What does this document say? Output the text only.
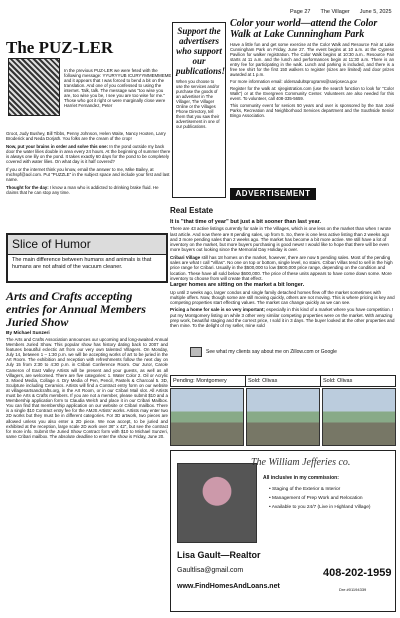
Page 27 The Villager June 5, 2025
The PUZ-LER
In the previous PUZ-LER we were feted with the following message: YYURYYUB ICURYYMMEMMEME and it appears that I was forced to bend a bit on the translation. And one of you confessed to using the internet. Talk, talk. The message was "too wise you are, too wise you be, I see you are too wise for me." Those who got it right or were marginally close were Harriet Fernandez, Peter

Groot, Judy Bushey, Bill Tibbs, Penny Johnson, Helen Waite, Nancy Hooten, Larry Broderick and Neda Dorjath. You folks are the cream of the crop!

Now, put your brains in order and solve this one: In the pond outside my back door the water lilies double in area every 24 hours. At the beginning of summer there is always one lily on the pond. It takes exactly 60 days for the pond to be completely covered with water lilies. On what day is it half covered?

If you or the internet think you know, email the answer to me, Mike Bailey, at michspf@aol.com. Put "PUZZLE" in the subject space and include your first and last name.

Thought for the day: I know a man who is addicted to drinking brake fluid. He claims that he can stop any time.

Slice of Humor
The main difference between humans and animals is that humans are not afraid of the vacuum cleaner.
Arts and Crafts accepting entries for Annual Members Juried Show
By Michael Sunzeri
The Arts and Crafts Association announces our upcoming and long-awaited Annual Members Juried Show. This popular show has history dating back to 2007 and features beautiful eclectic art from our very own talented Villagers. On Monday, July 14, between 1 – 1:30 p.m. we will be accepting works of art to be juried in the Art Room. The exhibition and reception with refreshments follow the next day on July 15 from 2:30 to 4:30 p.m. in Cribari Conference Room. Our Juror, Carole Cameron of East Valley Artists will be present and your guests, as well as all Villagers, are welcomed. There are five categories: 1. Water Color 2. Oil or Acrylic 3. Mixed Media, Collage 4. Dry Media of Pen, Pencil, Pastels & Charcoal 5. 3D, Sculpture including Ceramics. Artists will find a Contract entry form on our website at villagesartsandcrafts.org, in the Art Room, or in our Cribari Mail slot. All Artists must be Arts & Crafts members. If you are not a member, please submit $10 and a Membership application form to Claudia Welch and place it in our Cribari Mailbox. You can find that membership application on our website or Cribari mailbox. There is a single $10 Contract entry fee for the AMJS Artists' works. Artists may enter two 2D works but they must be in different categories. For 3D artwork, two pieces are allowed unless you also enter a 2D piece. We now accept, to be juried and exhibited at the reception, large scale 2D work over 36" x 42", but see the contract for more info. Submit the Juried Show Contract form with $10 to Michael Sunzeri, same Cribari mailbox. The absolute deadline to enter the show is Friday, June 20.
Support the advertisers who support our publications!
When you choose to use the services and/or purchase the goods of an advertiser in The Villager, The Villager Online or the Villages Phone Directory, tell them that you saw their advertisement in one of our publications.
Color your world—attend the Color Walk at Lake Cunningham Park

Have a little fun and get some exercise at the Color Walk and Resource Fair at Lake Cunningham Park on Friday, June 27. The event begins at 10 a.m. at the Cypress Pavilion for walker registration. The Color Walk begins at 10:30 a.m.. Resource Fair starts at 11 a.m. and the lunch and performances begin at 11:30 a.m. There is an entry fee for participating in the walk. Lunch and parking is included, and there is a free tee shirt for the first 150 walkers to register (sizes are limited) and door prizes awarded at 1 p.m.

For more information email: oldersadultsprograms@sanjoseca.gov

Register for the walk at: sjregistration.com (use the search function to look for "Color Walk") or at the Evergreen Community Center. Volunteers are also needed for this event. To volunteer, call 408-335-5659.

This community event for seniors 50 years and over is sponsored by the San José Parks, Recreation and Neighborhood Services department and the Southside Senior Bingo Association.

ADVERTISEMENT
Real Estate
It is "that time of year" but just a bit sooner than last year.

There are 43 active listings currently for sale in The Villages, which is one less on the market than when I wrote last article. And now there are 8 pending sales, up from 5. So, there is one less active listing than 2 weeks ago and 3 more pending sales than 2 weeks ago. The market has become a bit more active. We still have a lot of inventory on the market, but more buyers purchasing is good news! I would like to hope that there will be even more buyers out looking since the Memorial Day Holiday is over.

Cribari Village still has 18 homes on the market, however, there are now 5 pending sales. Most of the pending sales are what I call "Villas". No one on top or bottom, single level, no stairs. Cribari Villas tend to sell in the high price range for Cribari. Usually in the $500,000 to low $600,000 price range, depending on the condition and location. These have all sold below $600,000. The price of these units appears to have come down some. More inventory to choose from will create that effect.

Larger homes are sitting on the market a bit longer.

Up until 2 weeks ago, larger condos and single family detached homes flew off the market sometimes with multiple offers. Now, though some are still moving quickly, others are not moving. This is where pricing is key and competing properties start effecting values. The market can change quickly as we can see.

Pricing a home for sale is so very important; especially in this kind of a market where you have competition. I put my Montgomery listing on while 3 other very similar competing properties were on the market. With amazing prep work, beautiful staging and the correct price, I sold it in 3 days. The buyer looked at the other properties and then mine. To the delight of my seller, mine sold

See what my clients say about me on Zillow.com or Google
Pending: Montgomery	Sold: Olivas	Sold: Olivas
The William Jefferies co.
All inclusive in my commission:
• Staging of the Exterior & Interior
• Management of Prep Work and Relocation
• Available to you 24/7 (Live in Highland Village)
Lisa Gault—Realtor
Gaultlisa@gmail.com	408-202-1959
www.FindHomesAndLoans.net	Dre #01194339
